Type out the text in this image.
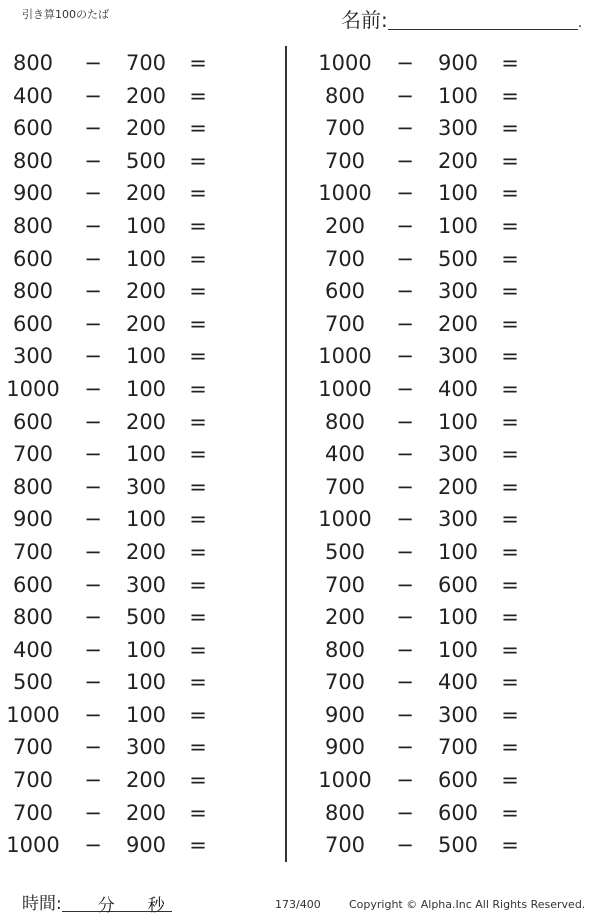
引き算100のたば	名前:	.
800	−	700	=
400	−	200	=
600	−	200	=
800	−	500	=
900	−	200	=
800	−	100	=
600	−	100	=
800	−	200	=
600	−	200	=
300	−	100	=
1000 −	100	=
600	−	200	=
700	−	100	=
800	−	300	=
900	−	100	=
700	−	200	=
600	−	300	=
800	−	500	=
400	−	100	=
500	−	100	=
1000 −	100	=
700	−	300	=
700	−	200	=
700	−	200	=
1000 −	900	=
1000 −	900	=
800	−	100	=
700	−	300	=
700	−	200	=
1000 −	100	=
200	−	100	=
700	−	500	=
600	−	300	=
700	−	200	=
1000 −	300	=
1000 −	400	=
800	−	100	=
400	−	300	=
700	−	200	=
1000 −	300	=
500	−	100	=
700	−	600	=
200	−	100	=
800	−	100	=
700	−	400	=
900	−	300	=
900	−	700	=
1000 −	600	=
800	−	600	=
700	−	500	=
時間: 分 秒	173/400	Copyright © Alpha.Inc All Rights Reserved.
